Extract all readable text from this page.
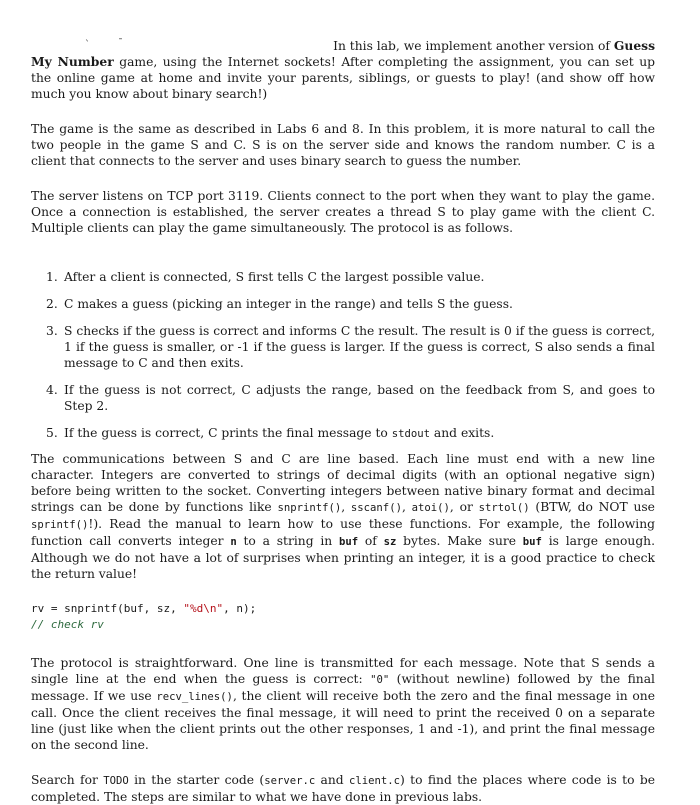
ˋ	ˉ	In this lab, we implement another version of Guess

My Number game, using the Internet sockets! After completing the assignment, you can set up the online game at home and invite your parents, siblings, or guests to play! (and show off how much you know about binary search!)

The game is the same as described in Labs 6 and 8. In this problem, it is more natural to call the two people in the game S and C. S is on the server side and knows the random number. C is a client that connects to the server and uses binary search to guess the number.

The server listens on TCP port 3119. Clients connect to the port when they want to play the game. Once a connection is established, the server creates a thread S to play game with the client C. Multiple clients can play the game simultaneously. The protocol is as follows.

1. After a client is connected, S first tells C the largest possible value.
2. C makes a guess (picking an integer in the range) and tells S the guess.
3. S checks if the guess is correct and informs C the result. The result is 0 if the guess is correct, 1 if the guess is smaller, or -1 if the guess is larger. If the guess is correct, S also sends a final message to C and then exits.
4. If the guess is not correct, C adjusts the range, based on the feedback from S, and goes to Step 2.
5. If the guess is correct, C prints the final message to stdout and exits.

The communications between S and C are line based. Each line must end with a new line character. Integers are converted to strings of decimal digits (with an optional negative sign) before being written to the socket. Converting integers between native binary format and decimal strings can be done by functions like snprintf(), sscanf(), atoi(), or strtol() (BTW, do NOT use sprintf()!). Read the manual to learn how to use these functions. For example, the following function call converts integer n to a string in buf of sz bytes. Make sure buf is large enough. Although we do not have a lot of surprises when printing an integer, it is a good practice to check the return value!

rv = snprintf(buf, sz, "%d\n", n);
// check rv

The protocol is straightforward. One line is transmitted for each message. Note that S sends a single line at the end when the guess is correct: "0" (without newline) followed by the final message. If we use recv_lines(), the client will receive both the zero and the final message in one call. Once the client receives the final message, it will need to print the received 0 on a separate line (just like when the client prints out the other responses, 1 and -1), and print the final message on the second line.

Search for TODO in the starter code (server.c and client.c) to find the places where code is to be completed. The steps are similar to what we have done in previous labs.
